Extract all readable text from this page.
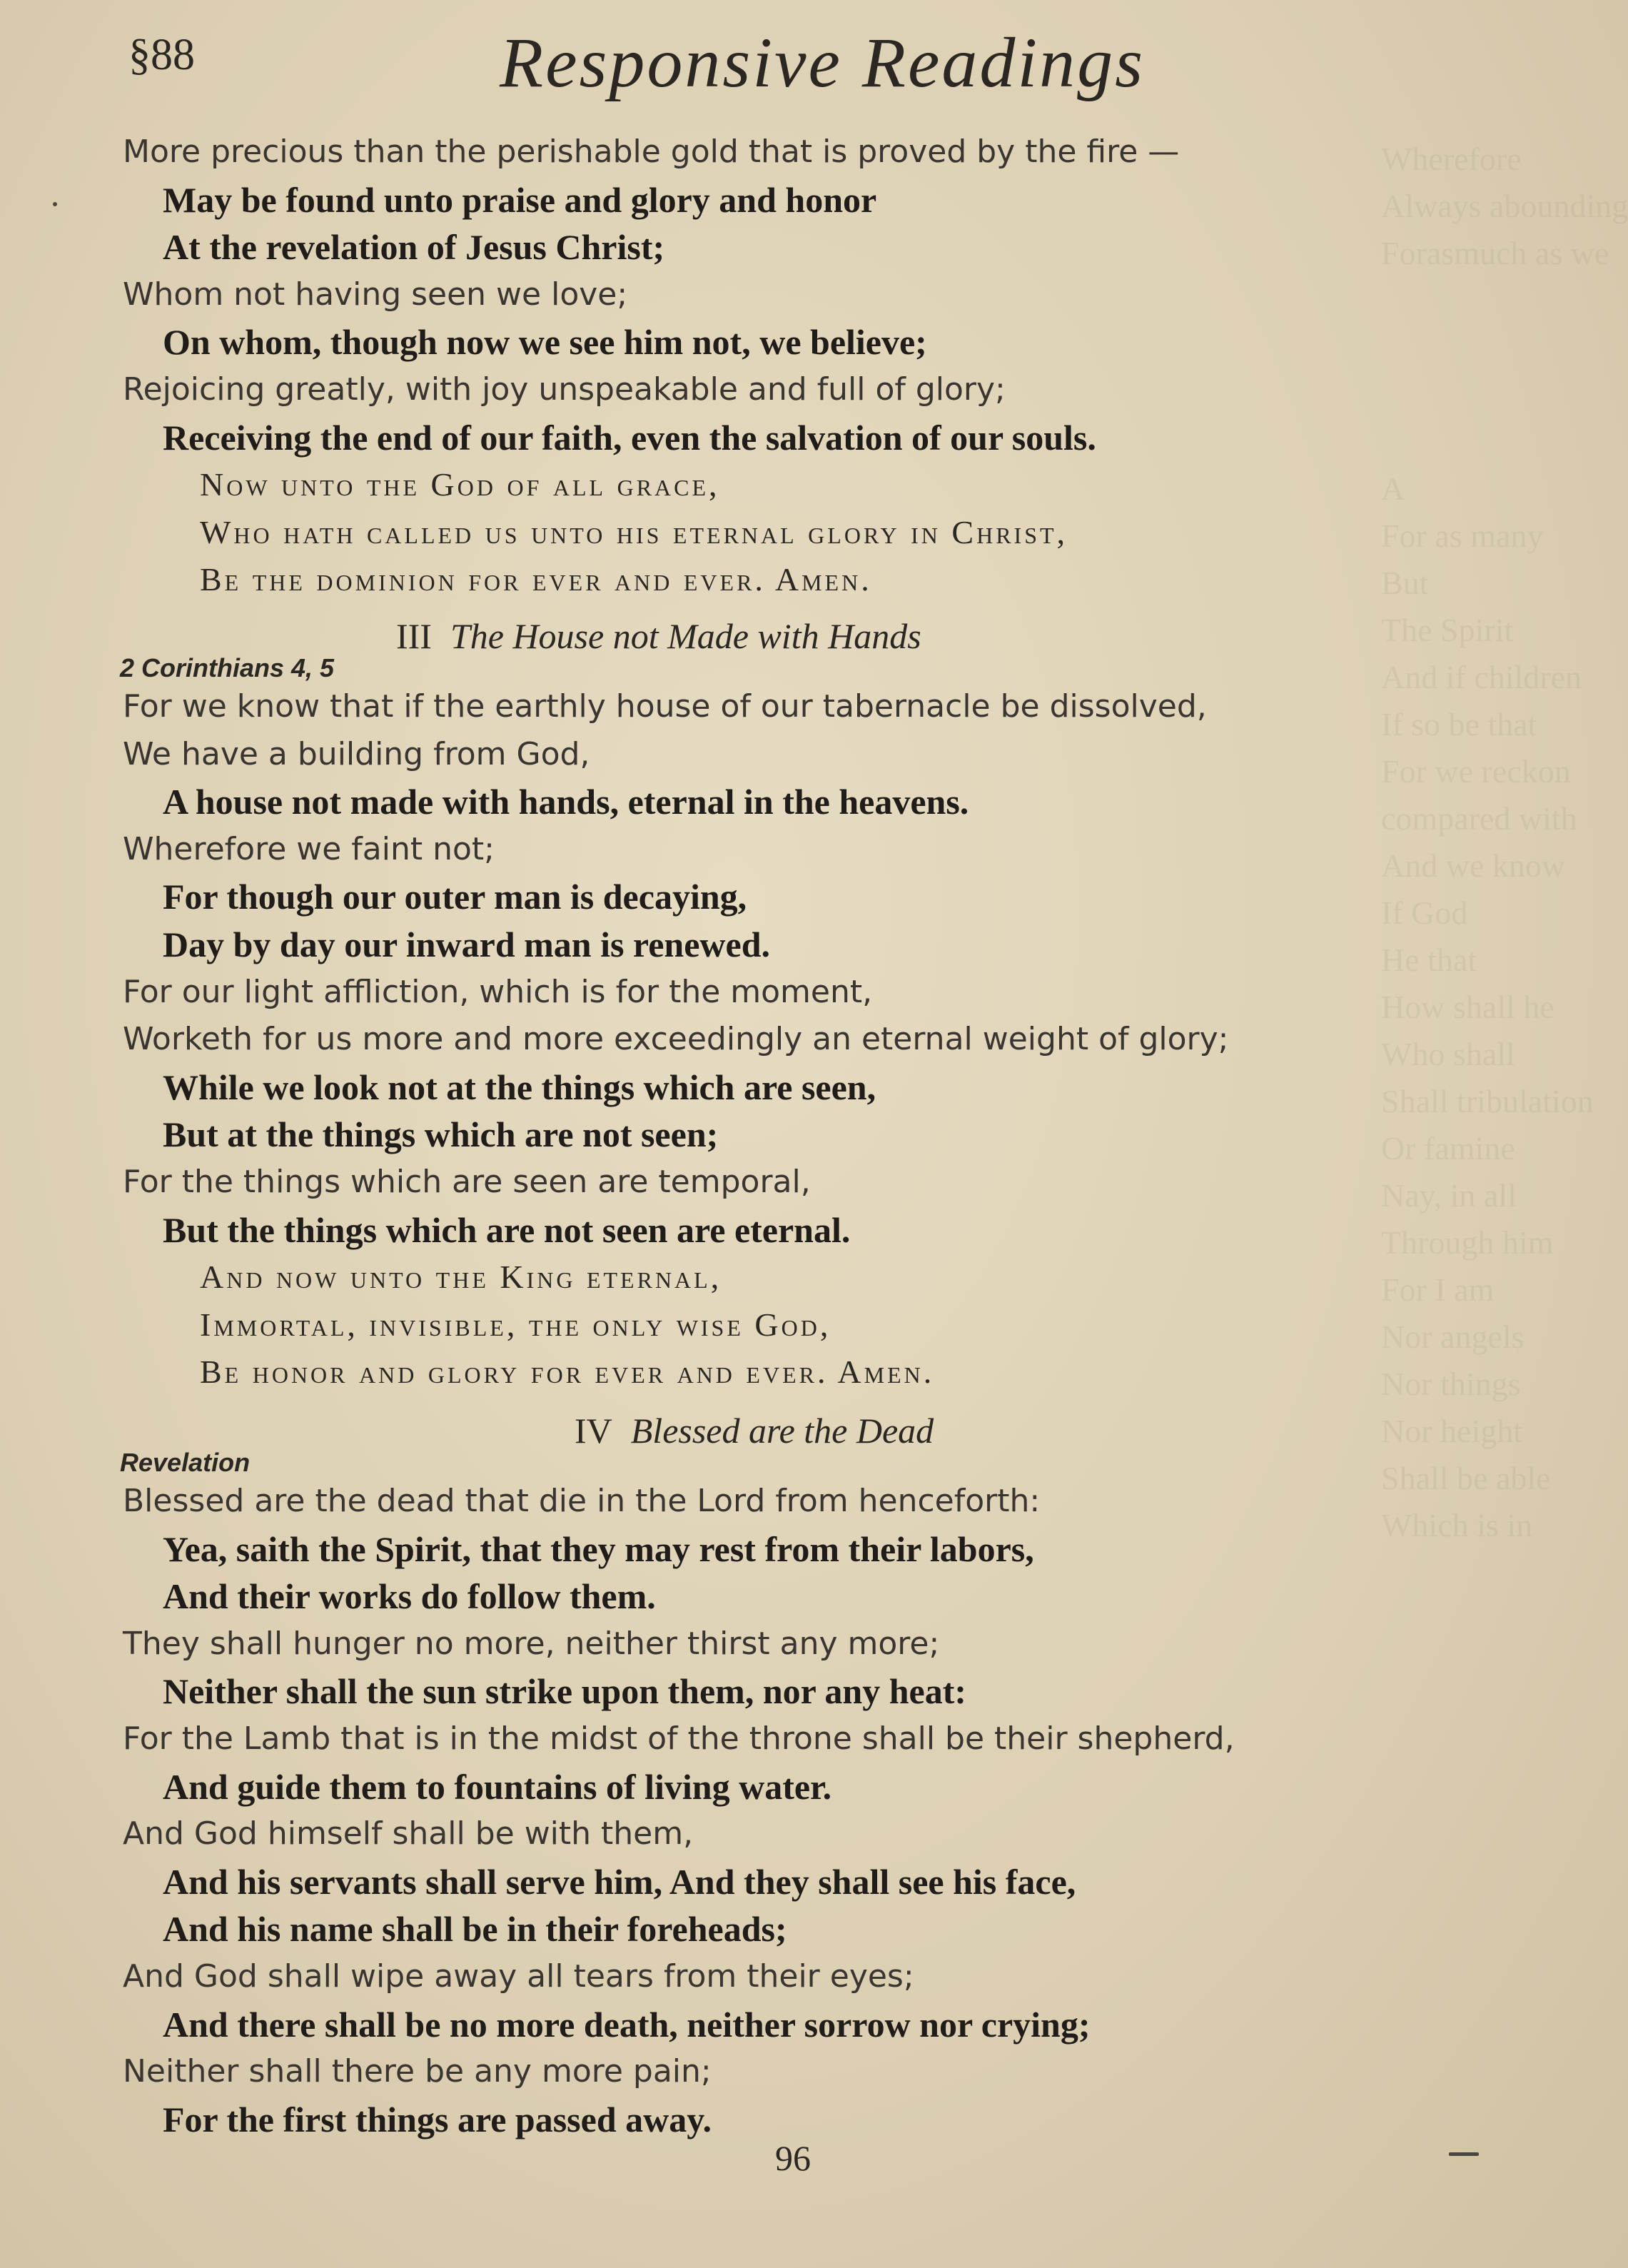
Wherefore
Always abounding
Forasmuch as we

A
For as many
But
The Spirit
And if children
If so be that
For we reckon
compared with
And we know
If God
He that
How shall he
Who shall
Shall tribulation
Or famine
Nay, in all
Through him
For I am
Nor angels
Nor things
Nor height
Shall be able
Which is in
§88	Responsive Readings
III The House not Made with Hands
2 Corinthians 4, 5
IV Blessed are the Dead
Revelation
96
More precious than the perishable gold that is proved by the fire —
May be found unto praise and glory and honor
At the revelation of Jesus Christ;
Whom not having seen we love;
On whom, though now we see him not, we believe;
Rejoicing greatly, with joy unspeakable and full of glory;
Receiving the end of our faith, even the salvation of our souls.
Now unto the God of all grace,
Who hath called us unto his eternal glory in Christ,
Be the dominion for ever and ever. Amen.
For we know that if the earthly house of our tabernacle be dissolved,
We have a building from God,
A house not made with hands, eternal in the heavens.
Wherefore we faint not;
For though our outer man is decaying,
Day by day our inward man is renewed.
For our light affliction, which is for the moment,
Worketh for us more and more exceedingly an eternal weight of glory;
While we look not at the things which are seen,
But at the things which are not seen;
For the things which are seen are temporal,
But the things which are not seen are eternal.
And now unto the King eternal,
Immortal, invisible, the only wise God,
Be honor and glory for ever and ever. Amen.
Blessed are the dead that die in the Lord from henceforth:
Yea, saith the Spirit, that they may rest from their labors,
And their works do follow them.
They shall hunger no more, neither thirst any more;
Neither shall the sun strike upon them, nor any heat:
For the Lamb that is in the midst of the throne shall be their shepherd,
And guide them to fountains of living water.
And God himself shall be with them,
And his servants shall serve him, And they shall see his face,
And his name shall be in their foreheads;
And God shall wipe away all tears from their eyes;
And there shall be no more death, neither sorrow nor crying;
Neither shall there be any more pain;
For the first things are passed away.
